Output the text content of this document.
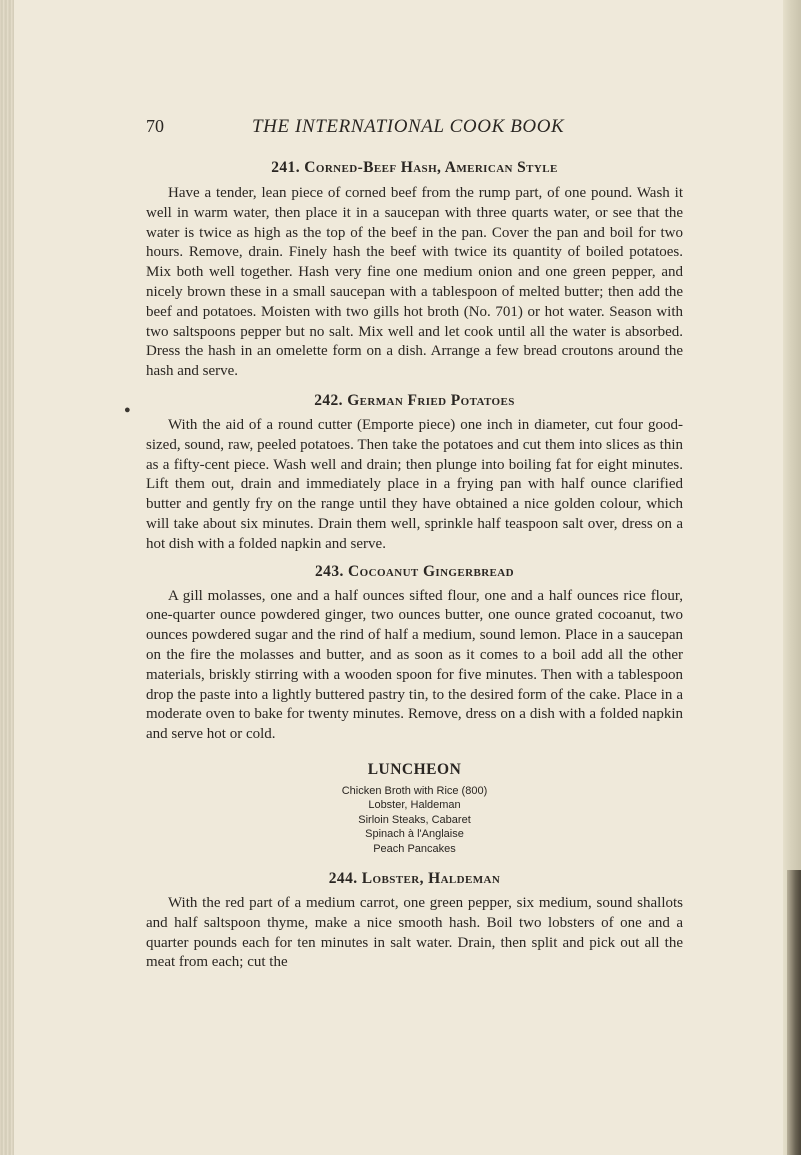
●
70	THE INTERNATIONAL COOK BOOK
241. Corned-Beef Hash, American Style

Have a tender, lean piece of corned beef from the rump part, of one pound. Wash it well in warm water, then place it in a saucepan with three quarts water, or see that the water is twice as high as the top of the beef in the pan. Cover the pan and boil for two hours. Remove, drain. Finely hash the beef with twice its quantity of boiled potatoes. Mix both well together. Hash very fine one medium onion and one green pepper, and nicely brown these in a small saucepan with a tablespoon of melted butter; then add the beef and potatoes. Moisten with two gills hot broth (No. 701) or hot water. Season with two saltspoons pepper but no salt. Mix well and let cook until all the water is absorbed. Dress the hash in an omelette form on a dish. Arrange a few bread croutons around the hash and serve.

242. German Fried Potatoes

With the aid of a round cutter (Emporte piece) one inch in diameter, cut four good-sized, sound, raw, peeled potatoes. Then take the potatoes and cut them into slices as thin as a fifty-cent piece. Wash well and drain; then plunge into boiling fat for eight minutes. Lift them out, drain and immediately place in a frying pan with half ounce clarified butter and gently fry on the range until they have obtained a nice golden colour, which will take about six minutes. Drain them well, sprinkle half teaspoon salt over, dress on a hot dish with a folded napkin and serve.

243. Cocoanut Gingerbread

A gill molasses, one and a half ounces sifted flour, one and a half ounces rice flour, one-quarter ounce powdered ginger, two ounces butter, one ounce grated cocoanut, two ounces powdered sugar and the rind of half a medium, sound lemon. Place in a saucepan on the fire the molasses and butter, and as soon as it comes to a boil add all the other materials, briskly stirring with a wooden spoon for five minutes. Then with a tablespoon drop the paste into a lightly buttered pastry tin, to the desired form of the cake. Place in a moderate oven to bake for twenty minutes. Remove, dress on a dish with a folded napkin and serve hot or cold.

LUNCHEON
Chicken Broth with Rice (800)
Lobster, Haldeman
Sirloin Steaks, Cabaret
Spinach à l'Anglaise
Peach Pancakes
244. Lobster, Haldeman

With the red part of a medium carrot, one green pepper, six medium, sound shallots and half saltspoon thyme, make a nice smooth hash. Boil two lobsters of one and a quarter pounds each for ten minutes in salt water. Drain, then split and pick out all the meat from each; cut the
